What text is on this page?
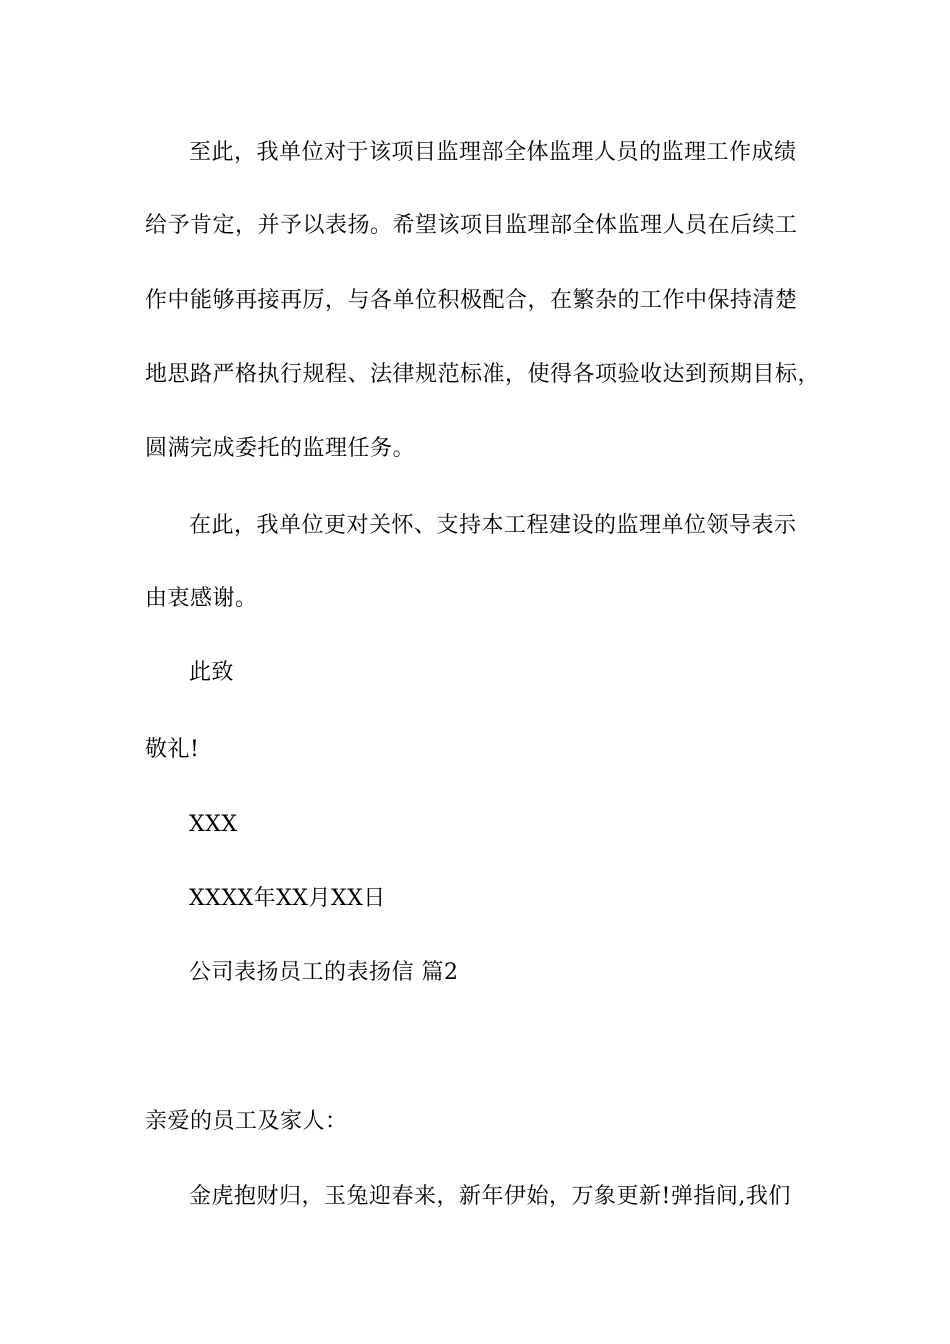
至此，我单位对于该项目监理部全体监理人员的监理工作成绩
给予肯定，并予以表扬。希望该项目监理部全体监理人员在后续工
作中能够再接再厉，与各单位积极配合，在繁杂的工作中保持清楚
地思路严格执行规程、法律规范标准，使得各项验收达到预期目标，
圆满完成委托的监理任务。
在此，我单位更对关怀、支持本工程建设的监理单位领导表示
由衷感谢。
此致
敬礼!
XXX
XXXX年XX月XX日
公司表扬员工的表扬信 篇2
亲爱的员工及家人：
金虎抱财归，玉兔迎春来，新年伊始，万象更新!弹指间,我们
